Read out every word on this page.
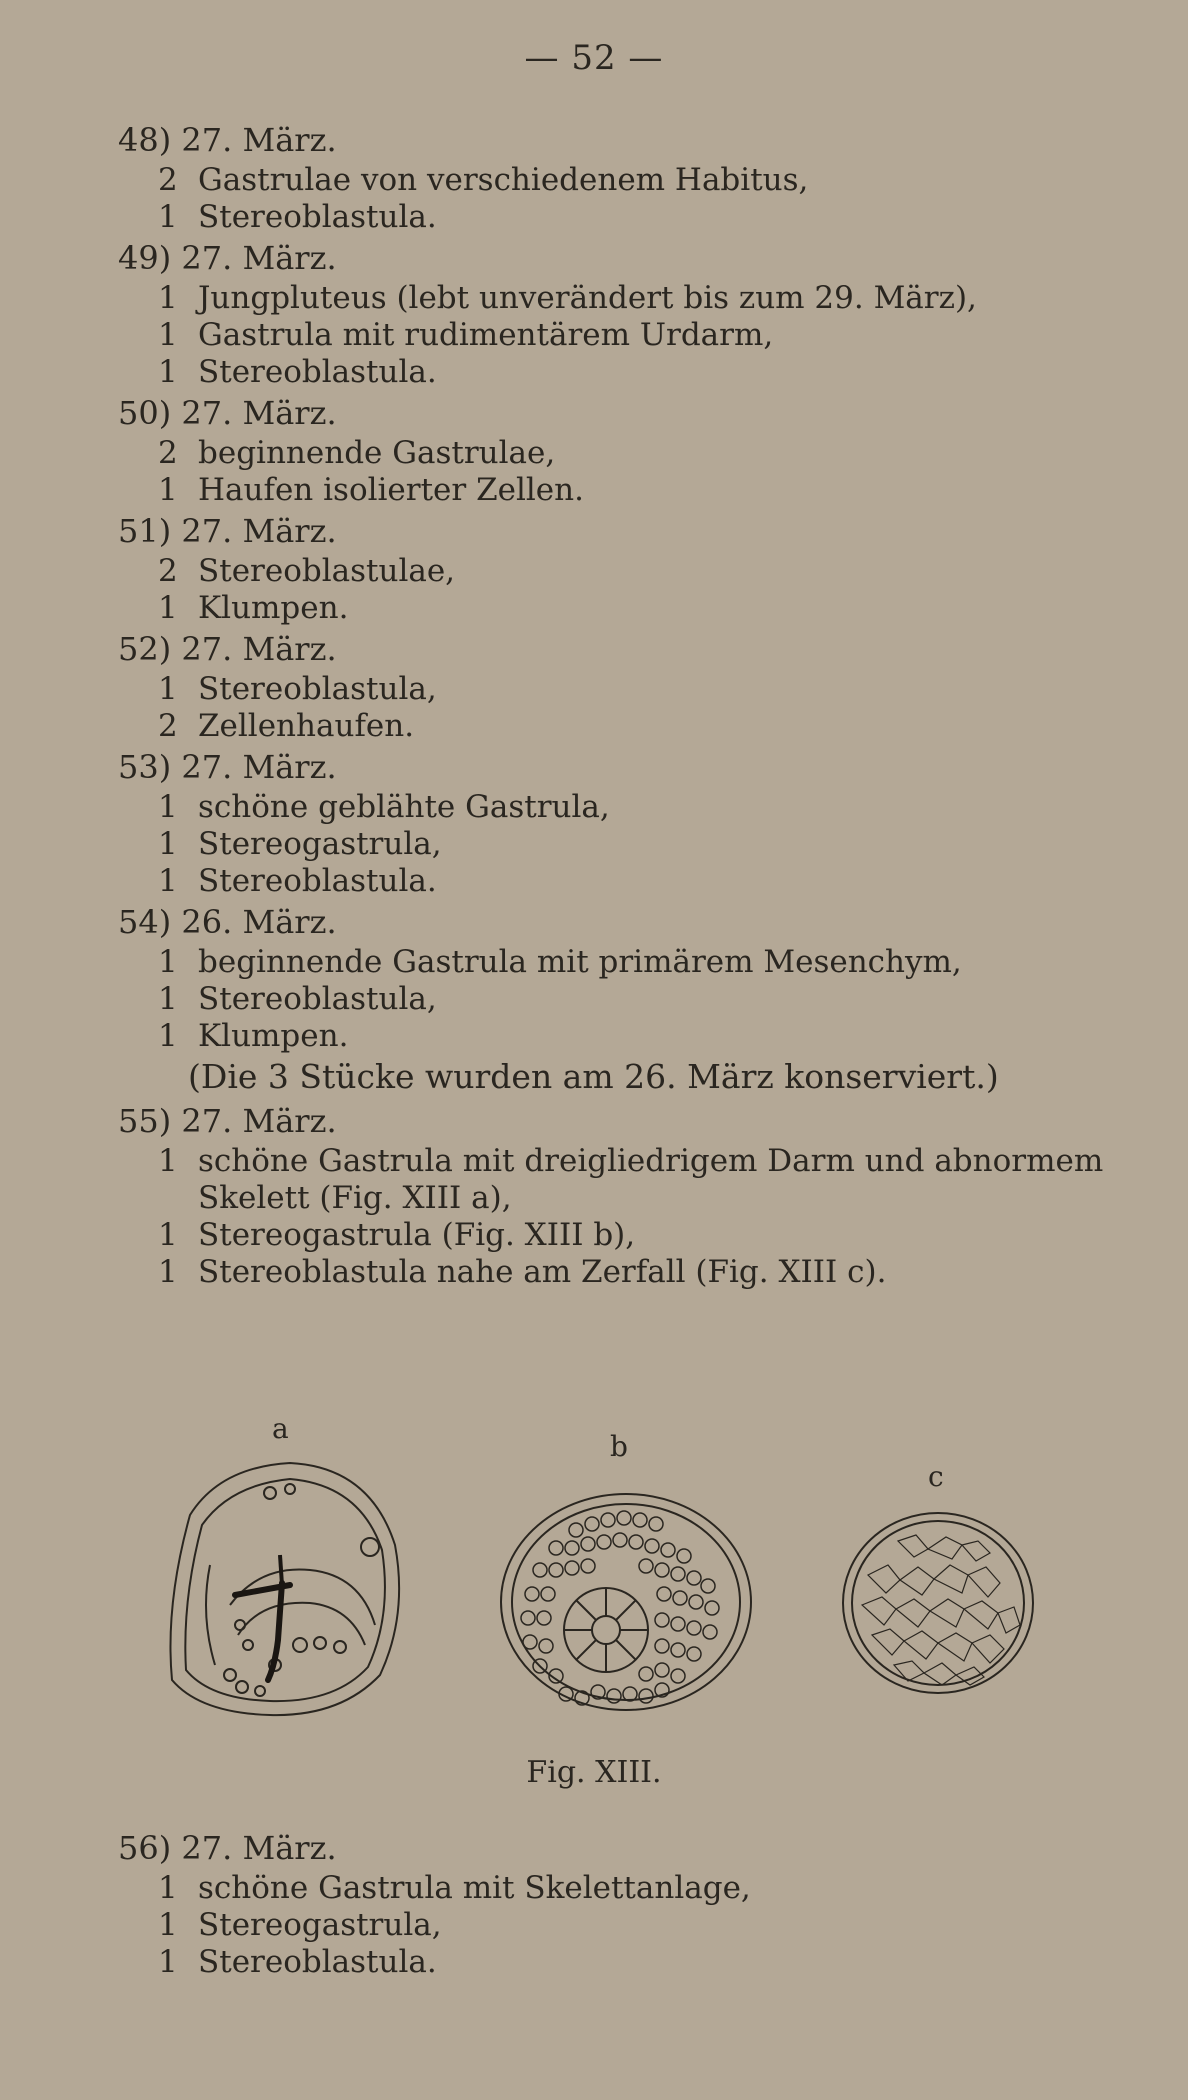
— 52 —
48) 27. März.
2 Gastrulae von verschiedenem Habitus,
1 Stereoblastula.
49) 27. März.
1 Jungpluteus (lebt unverändert bis zum 29. März),
1 Gastrula mit rudimentärem Urdarm,
1 Stereoblastula.
50) 27. März.
2 beginnende Gastrulae,
1 Haufen isolierter Zellen.
51) 27. März.
2 Stereoblastulae,
1 Klumpen.
52) 27. März.
1 Stereoblastula,
2 Zellenhaufen.
53) 27. März.
1 schöne geblähte Gastrula,
1 Stereogastrula,
1 Stereoblastula.
54) 26. März.
1 beginnende Gastrula mit primärem Mesenchym,
1 Stereoblastula,
1 Klumpen.
(Die 3 Stücke wurden am 26. März konserviert.)
55) 27. März.
1 schöne Gastrula mit dreigliedrigem Darm und abnormem Skelett (Fig. XIII a),
1 Stereogastrula (Fig. XIII b),
1 Stereoblastula nahe am Zerfall (Fig. XIII c).
a
b
c
Fig. XIII.
56) 27. März.
1 schöne Gastrula mit Skelettanlage,
1 Stereogastrula,
1 Stereoblastula.
